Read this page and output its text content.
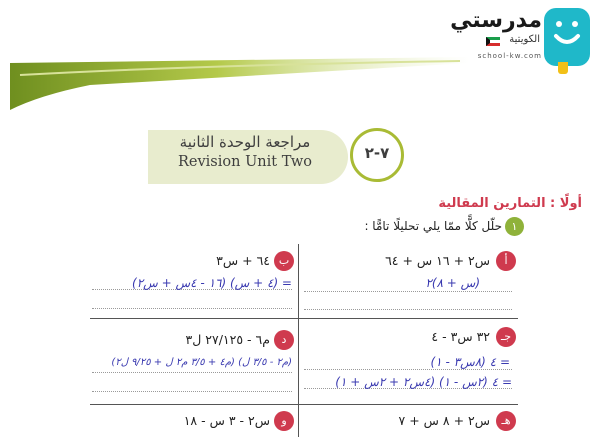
مدرستي
الكويتية
school-kw.com
مراجعة الوحدة الثانية
Revision Unit Two	٧-٢
أولًا : التمارين المقالية
١
حلّل كلًّا ممّا يلي تحليلًا تامًّا :
أ
س٢ + ١٦ س + ٦٤
(س + ٨)٢
ب
٦٤ + س٣
= (٤ + س) (١٦ - ٤س + س٢)
جـ
٣٢ س٣ - ٤
= ٤ (٨س٣ - ١)
= ٤ (٢س - ١) (٤س٢ + ٢س + ١)
د
م٦ - ٢٧/١٢٥ ل٣
(م٢ - ٣/٥ ل) (م٤ + ٣/٥ م٢ ل + ٩/٢٥ ل٢)
هـ
س٢ + ٨ س + ٧
و
س٢ - ٣ س - ١٨
